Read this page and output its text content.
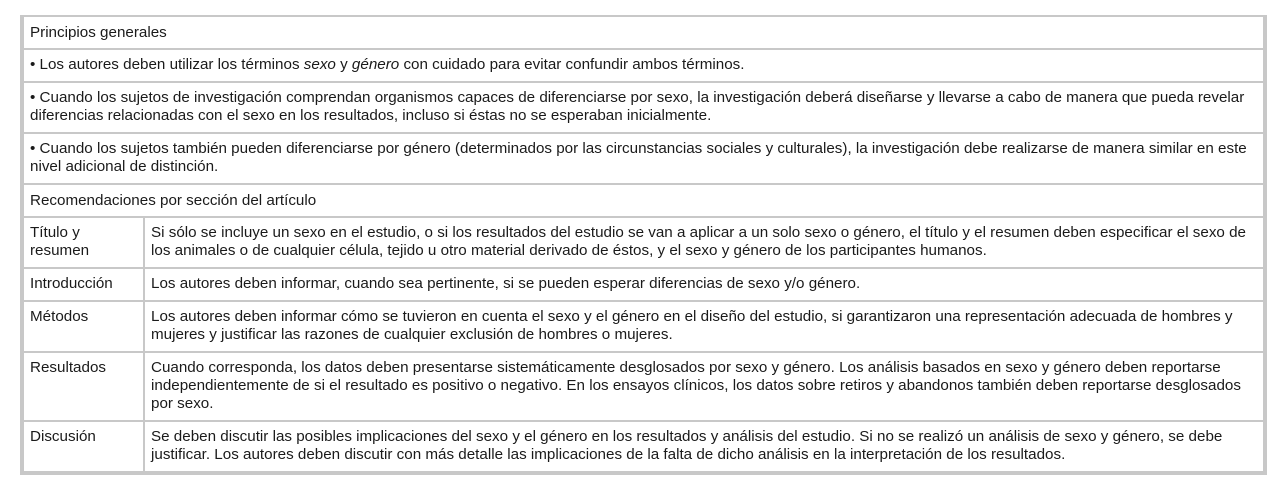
Principios generales	
• Los autores deben utilizar los términos sexo y género con cuidado para evitar confundir ambos términos.	
• Cuando los sujetos de investigación comprendan organismos capaces de diferenciarse por sexo, la investigación deberá diseñarse y llevarse a cabo de manera que pueda revelar diferencias relacionadas con el sexo en los resultados, incluso si éstas no se esperaban inicialmente.	
• Cuando los sujetos también pueden diferenciarse por género (determinados por las circunstancias sociales y culturales), la investigación debe realizarse de manera similar en este nivel adicional de distinción.	
Recomendaciones por sección del artículo	
Título y resumen	Si sólo se incluye un sexo en el estudio, o si los resultados del estudio se van a aplicar a un solo sexo o género, el título y el resumen deben especificar el sexo de los animales o de cualquier célula, tejido u otro material derivado de éstos, y el sexo y género de los participantes humanos.
Introducción	Los autores deben informar, cuando sea pertinente, si se pueden esperar diferencias de sexo y/o género.
Métodos	Los autores deben informar cómo se tuvieron en cuenta el sexo y el género en el diseño del estudio, si garantizaron una representación adecuada de hombres y mujeres y justificar las razones de cualquier exclusión de hombres o mujeres.
Resultados	Cuando corresponda, los datos deben presentarse sistemáticamente desglosados por sexo y género. Los análisis basados en sexo y género deben reportarse independientemente de si el resultado es positivo o negativo. En los ensayos clínicos, los datos sobre retiros y abandonos también deben reportarse desglosados por sexo.
Discusión	Se deben discutir las posibles implicaciones del sexo y el género en los resultados y análisis del estudio. Si no se realizó un análisis de sexo y género, se debe justificar. Los autores deben discutir con más detalle las implicaciones de la falta de dicho análisis en la interpretación de los resultados.
